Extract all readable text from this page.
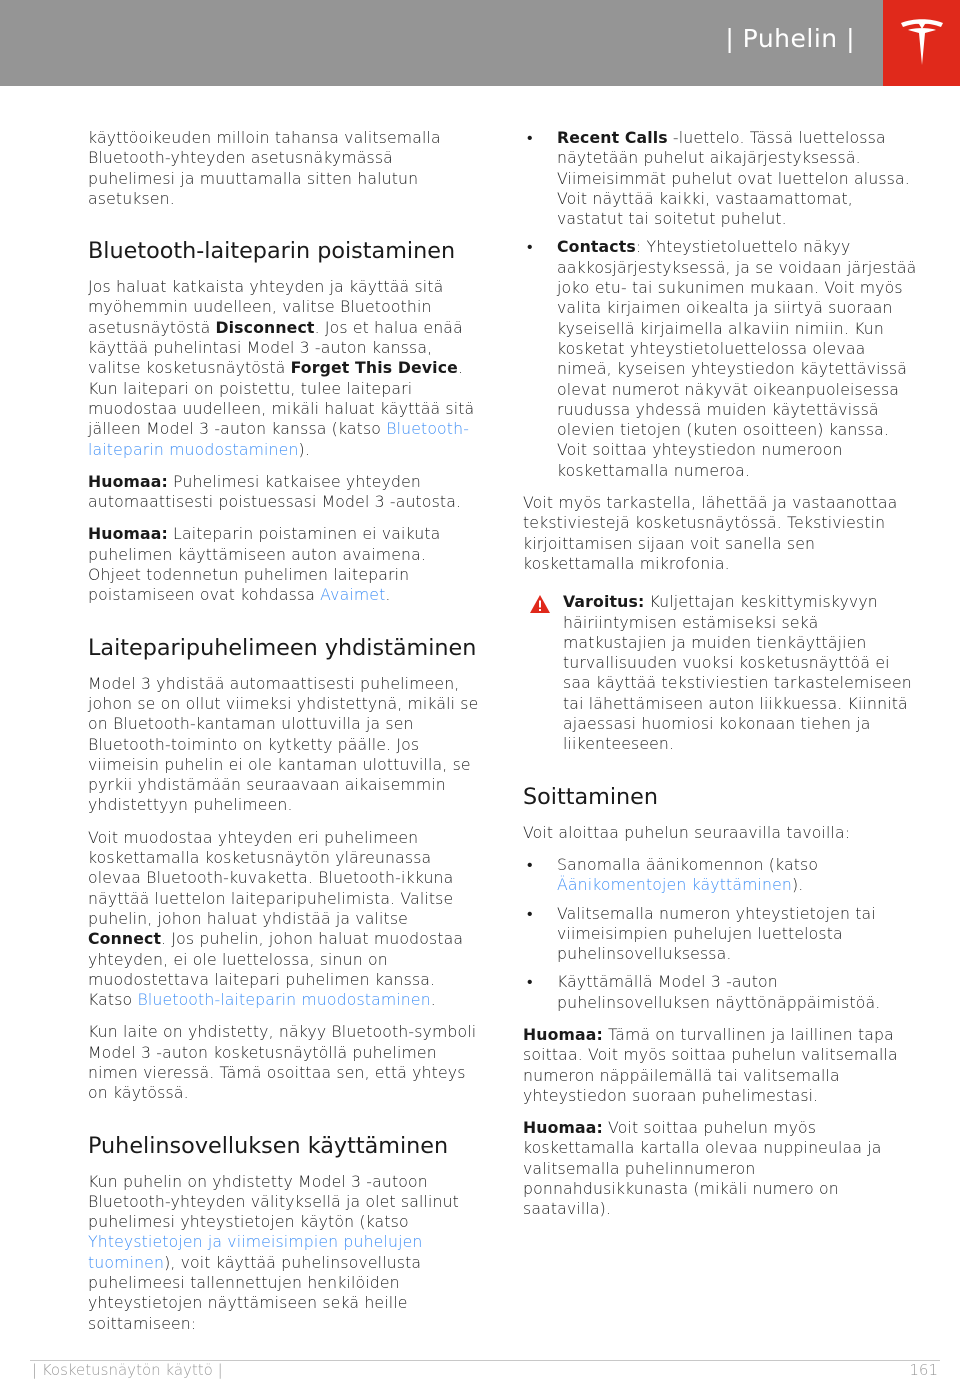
| Puhelin |

käyttöoikeuden milloin tahansa valitsemalla Bluetooth-yhteyden asetusnäkymässä puhelimesi ja muuttamalla sitten halutun asetuksen.

Bluetooth-laiteparin poistaminen

Jos haluat katkaista yhteyden ja käyttää sitä myöhemmin uudelleen, valitse Bluetoothin asetusnäytöstä Disconnect. Jos et halua enää käyttää puhelintasi Model 3 -auton kanssa, valitse kosketusnäytöstä Forget This Device. Kun laitepari on poistettu, tulee laitepari muodostaa uudelleen, mikäli haluat käyttää sitä jälleen Model 3 -auton kanssa (katso Bluetooth-laiteparin muodostaminen).

Huomaa: Puhelimesi katkaisee yhteyden automaattisesti poistuessasi Model 3 -autosta.

Huomaa: Laiteparin poistaminen ei vaikuta puhelimen käyttämiseen auton avaimena. Ohjeet todennetun puhelimen laiteparin poistamiseen ovat kohdassa Avaimet.

Laiteparipuhelimeen yhdistäminen

Model 3 yhdistää automaattisesti puhelimeen, johon se on ollut viimeksi yhdistettynä, mikäli se on Bluetooth-kantaman ulottuvilla ja sen Bluetooth-toiminto on kytketty päälle. Jos viimeisin puhelin ei ole kantaman ulottuvilla, se pyrkii yhdistämään seuraavaan aikaisemmin yhdistettyyn puhelimeen.

Voit muodostaa yhteyden eri puhelimeen koskettamalla kosketusnäytön yläreunassa olevaa Bluetooth-kuvaketta. Bluetooth-ikkuna näyttää luettelon laiteparipuhelimista. Valitse puhelin, johon haluat yhdistää ja valitse Connect. Jos puhelin, johon haluat muodostaa yhteyden, ei ole luettelossa, sinun on muodostettava laitepari puhelimen kanssa. Katso Bluetooth-laiteparin muodostaminen.

Kun laite on yhdistetty, näkyy Bluetooth-symboli Model 3 -auton kosketusnäytöllä puhelimen nimen vieressä. Tämä osoittaa sen, että yhteys on käytössä.

Puhelinsovelluksen käyttäminen

Kun puhelin on yhdistetty Model 3 -autoon Bluetooth-yhteyden välityksellä ja olet sallinut puhelimesi yhteystietojen käytön (katso Yhteystietojen ja viimeisimpien puhelujen tuominen), voit käyttää puhelinsovellusta puhelimeesi tallennettujen henkilöiden yhteystietojen näyttämiseen sekä heille soittamiseen:

• Recent Calls -luettelo. Tässä luettelossa näytetään puhelut aikajärjestyksessä. Viimeisimmät puhelut ovat luettelon alussa. Voit näyttää kaikki, vastaamattomat, vastatut tai soitetut puhelut.
• Contacts: Yhteystietoluettelo näkyy aakkosjärjestyksessä, ja se voidaan järjestää joko etu- tai sukunimen mukaan. Voit myös valita kirjaimen oikealta ja siirtyä suoraan kyseisellä kirjaimella alkaviin nimiin. Kun kosketat yhteystietoluettelossa olevaa nimeä, kyseisen yhteystiedon käytettävissä olevat numerot näkyvät oikeanpuoleisessa ruudussa yhdessä muiden käytettävissä olevien tietojen (kuten osoitteen) kanssa. Voit soittaa yhteystiedon numeroon koskettamalla numeroa.

Voit myös tarkastella, lähettää ja vastaanottaa tekstiviestejä kosketusnäytössä. Tekstiviestin kirjoittamisen sijaan voit sanella sen koskettamalla mikrofonia.

Varoitus: Kuljettajan keskittymiskyvyn häiriintymisen estämiseksi sekä matkustajien ja muiden tienkäyttäjien turvallisuuden vuoksi kosketusnäyttöä ei saa käyttää tekstiviestien tarkastelemiseen tai lähettämiseen auton liikkuessa. Kiinnitä ajaessasi huomiosi kokonaan tiehen ja liikenteeseen.
Soittaminen

Voit aloittaa puhelun seuraavilla tavoilla:

• Sanomalla äänikomennon (katso Äänikomentojen käyttäminen).
• Valitsemalla numeron yhteystietojen tai viimeisimpien puhelujen luettelosta puhelinsovelluksessa.
• Käyttämällä Model 3 -auton puhelinsovelluksen näyttönäppäimistöä.

Huomaa: Tämä on turvallinen ja laillinen tapa soittaa. Voit myös soittaa puhelun valitsemalla numeron näppäilemällä tai valitsemalla yhteystiedon suoraan puhelimestasi.

Huomaa: Voit soittaa puhelun myös koskettamalla kartalla olevaa nuppineulaa ja valitsemalla puhelinnumeron ponnahdusikkunasta (mikäli numero on saatavilla).

| Kosketusnäytön käyttö |	161
